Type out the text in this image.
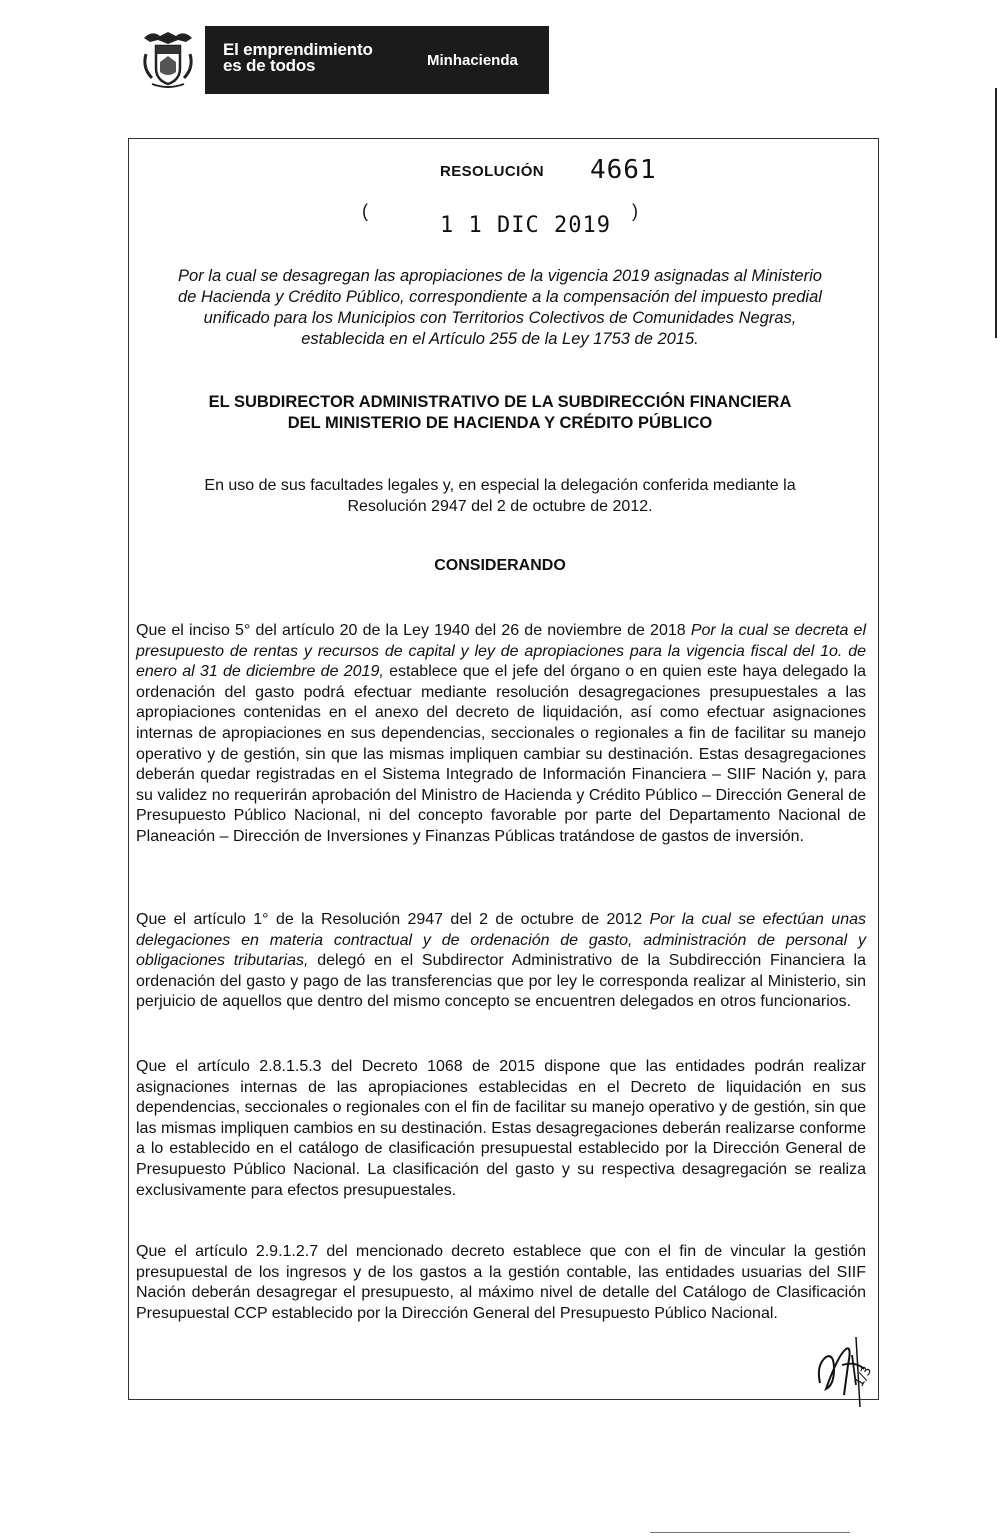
El emprendimiento
es de todos	Minhacienda
RESOLUCIÓN 4661
(
1 1 DIC 2019
)
Por la cual se desagregan las apropiaciones de la vigencia 2019 asignadas al Ministerio
de Hacienda y Crédito Público, correspondiente a la compensación del impuesto predial
unificado para los Municipios con Territorios Colectivos de Comunidades Negras,
establecida en el Artículo 255 de la Ley 1753 de 2015.
EL SUBDIRECTOR ADMINISTRATIVO DE LA SUBDIRECCIÓN FINANCIERA
DEL MINISTERIO DE HACIENDA Y CRÉDITO PÚBLICO
En uso de sus facultades legales y, en especial la delegación conferida mediante la
Resolución 2947 del 2 de octubre de 2012.
CONSIDERANDO
Que el inciso 5° del artículo 20 de la Ley 1940 del 26 de noviembre de 2018 Por la cual se decreta el presupuesto de rentas y recursos de capital y ley de apropiaciones para la vigencia fiscal del 1o. de enero al 31 de diciembre de 2019, establece que el jefe del órgano o en quien este haya delegado la ordenación del gasto podrá efectuar mediante resolución desagregaciones presupuestales a las apropiaciones contenidas en el anexo del decreto de liquidación, así como efectuar asignaciones internas de apropiaciones en sus dependencias, seccionales o regionales a fin de facilitar su manejo operativo y de gestión, sin que las mismas impliquen cambiar su destinación. Estas desagregaciones deberán quedar registradas en el Sistema Integrado de Información Financiera – SIIF Nación y, para su validez no requerirán aprobación del Ministro de Hacienda y Crédito Público – Dirección General de Presupuesto Público Nacional, ni del concepto favorable por parte del Departamento Nacional de Planeación – Dirección de Inversiones y Finanzas Públicas tratándose de gastos de inversión.
Que el artículo 1° de la Resolución 2947 del 2 de octubre de 2012 Por la cual se efectúan unas delegaciones en materia contractual y de ordenación de gasto, administración de personal y obligaciones tributarias, delegó en el Subdirector Administrativo de la Subdirección Financiera la ordenación del gasto y pago de las transferencias que por ley le corresponda realizar al Ministerio, sin perjuicio de aquellos que dentro del mismo concepto se encuentren delegados en otros funcionarios.
Que el artículo 2.8.1.5.3 del Decreto 1068 de 2015 dispone que las entidades podrán realizar asignaciones internas de las apropiaciones establecidas en el Decreto de liquidación en sus dependencias, seccionales o regionales con el fin de facilitar su manejo operativo y de gestión, sin que las mismas impliquen cambios en su destinación. Estas desagregaciones deberán realizarse conforme a lo establecido en el catálogo de clasificación presupuestal establecido por la Dirección General de Presupuesto Público Nacional. La clasificación del gasto y su respectiva desagregación se realiza exclusivamente para efectos presupuestales.
Que el artículo 2.9.1.2.7 del mencionado decreto establece que con el fin de vincular la gestión presupuestal de los ingresos y de los gastos a la gestión contable, las entidades usuarias del SIIF Nación deberán desagregar el presupuesto, al máximo nivel de detalle del Catálogo de Clasificación Presupuestal CCP establecido por la Dirección General del Presupuesto Público Nacional.
1/3
